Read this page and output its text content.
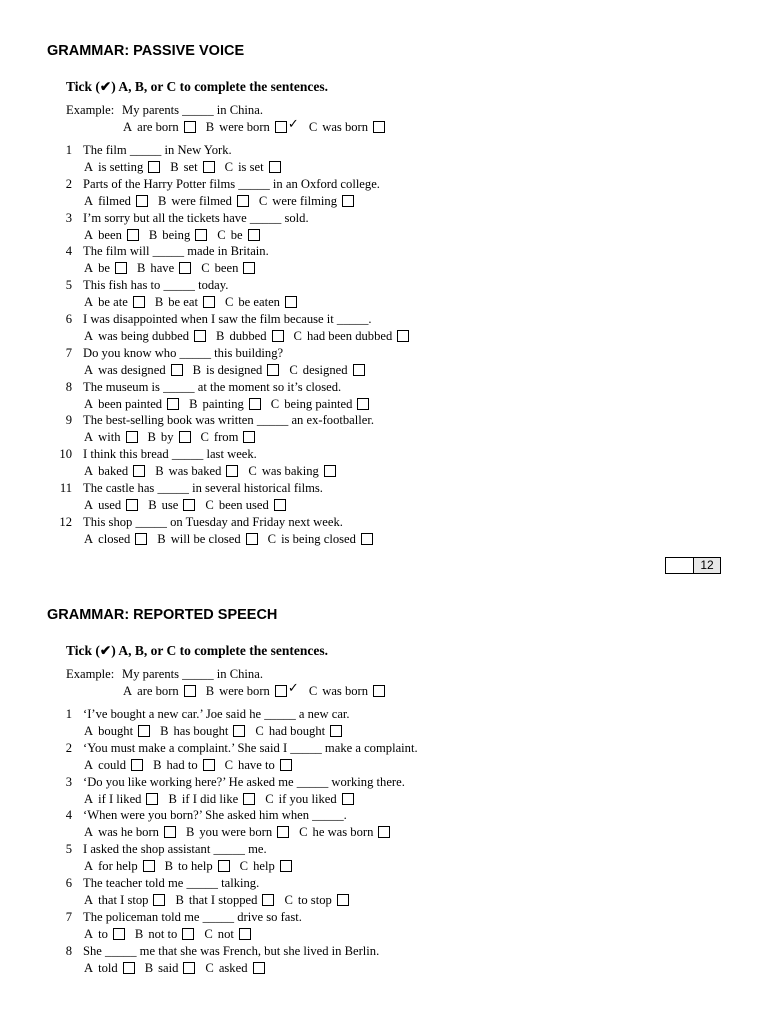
GRAMMAR: PASSIVE VOICE
Tick (✔) A, B, or C to complete the sentences.
Example: My parents _____ in China.
A are born B were born ✓ C was born
1 The film _____ in New York.
A is setting B set C is set
2 Parts of the Harry Potter films _____ in an Oxford college.
A filmed B were filmed C were filming
3 I’m sorry but all the tickets have _____ sold.
A been B being C be
4 The film will _____ made in Britain.
A be B have C been
5 This fish has to _____ today.
A be ate B be eat C be eaten
6 I was disappointed when I saw the film because it _____.
A was being dubbed B dubbed C had been dubbed
7 Do you know who _____ this building?
A was designed B is designed C designed
8 The museum is _____ at the moment so it’s closed.
A been painted B painting C being painted
9 The best-selling book was written _____ an ex-footballer.
A with B by C from
10 I think this bread _____ last week.
A baked B was baked C was baking
11 The castle has _____ in several historical films.
A used B use C been used
12 This shop _____ on Tuesday and Friday next week.
A closed B will be closed C is being closed
12
GRAMMAR: REPORTED SPEECH
Tick (✔) A, B, or C to complete the sentences.
Example: My parents _____ in China.
A are born B were born ✓ C was born
1 ‘I’ve bought a new car.’ Joe said he _____ a new car.
A bought B has bought C had bought
2 ‘You must make a complaint.’ She said I _____ make a complaint.
A could B had to C have to
3 ‘Do you like working here?’ He asked me _____ working there.
A if I liked B if I did like C if you liked
4 ‘When were you born?’ She asked him when _____.
A was he born B you were born C he was born
5 I asked the shop assistant _____ me.
A for help B to help C help
6 The teacher told me _____ talking.
A that I stop B that I stopped C to stop
7 The policeman told me _____ drive so fast.
A to B not to C not
8 She _____ me that she was French, but she lived in Berlin.
A told B said C asked
